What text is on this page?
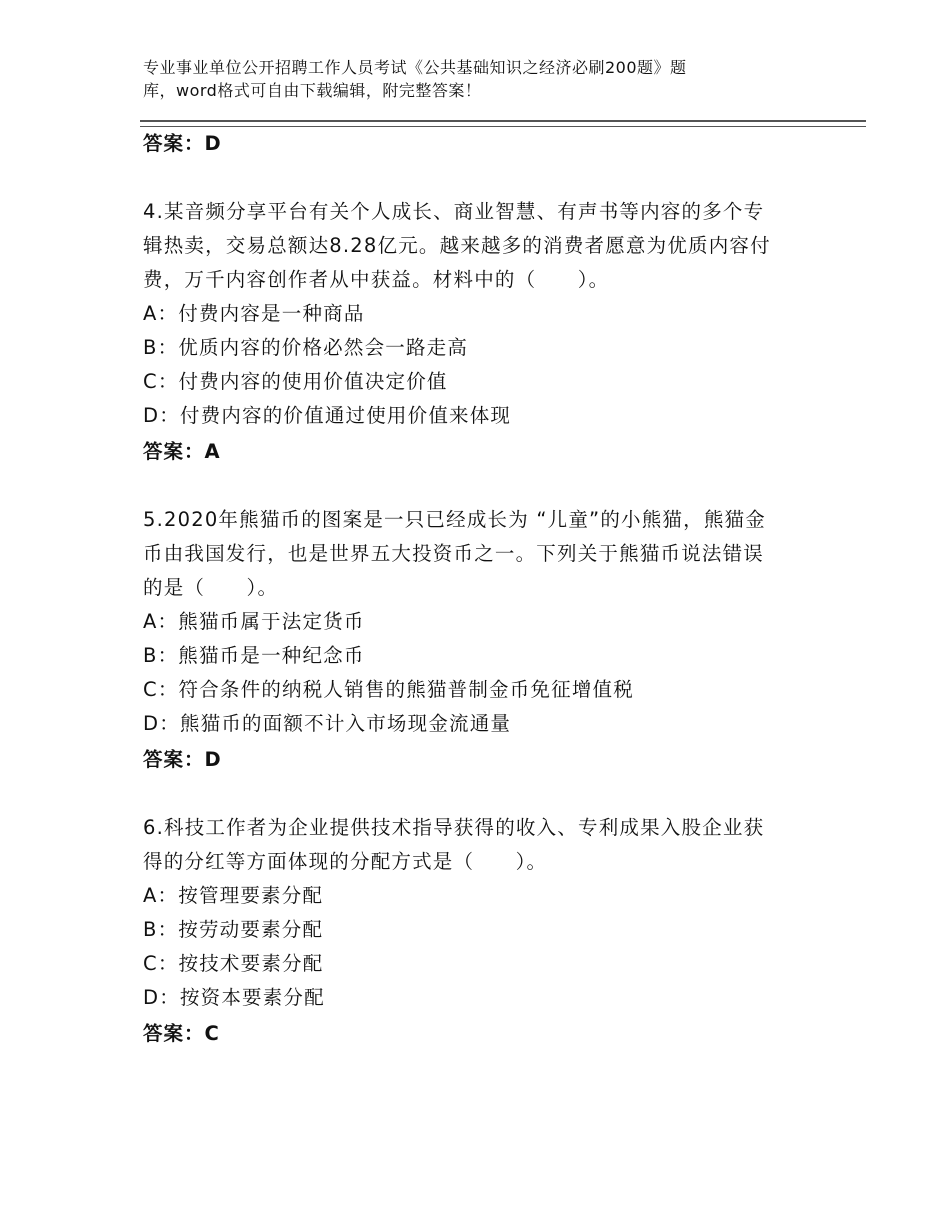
专业事业单位公开招聘工作人员考试《公共基础知识之经济必刷200题》题
库，word格式可自由下载编辑，附完整答案！
答案：D
4.某音频分享平台有关个人成长、商业智慧、有声书等内容的多个专
辑热卖，交易总额达8.28亿元。越来越多的消费者愿意为优质内容付
费，万千内容创作者从中获益。材料中的（　　）。
A：付费内容是一种商品
B：优质内容的价格必然会一路走高
C：付费内容的使用价值决定价值
D：付费内容的价值通过使用价值来体现
答案：A
5.2020年熊猫币的图案是一只已经成长为 “儿童”的小熊猫，熊猫金
币由我国发行，也是世界五大投资币之一。下列关于熊猫币说法错误
的是（　　）。
A：熊猫币属于法定货币
B：熊猫币是一种纪念币
C：符合条件的纳税人销售的熊猫普制金币免征增值税
D：熊猫币的面额不计入市场现金流通量
答案：D
6.科技工作者为企业提供技术指导获得的收入、专利成果入股企业获
得的分红等方面体现的分配方式是（　　）。
A：按管理要素分配
B：按劳动要素分配
C：按技术要素分配
D：按资本要素分配
答案：C
